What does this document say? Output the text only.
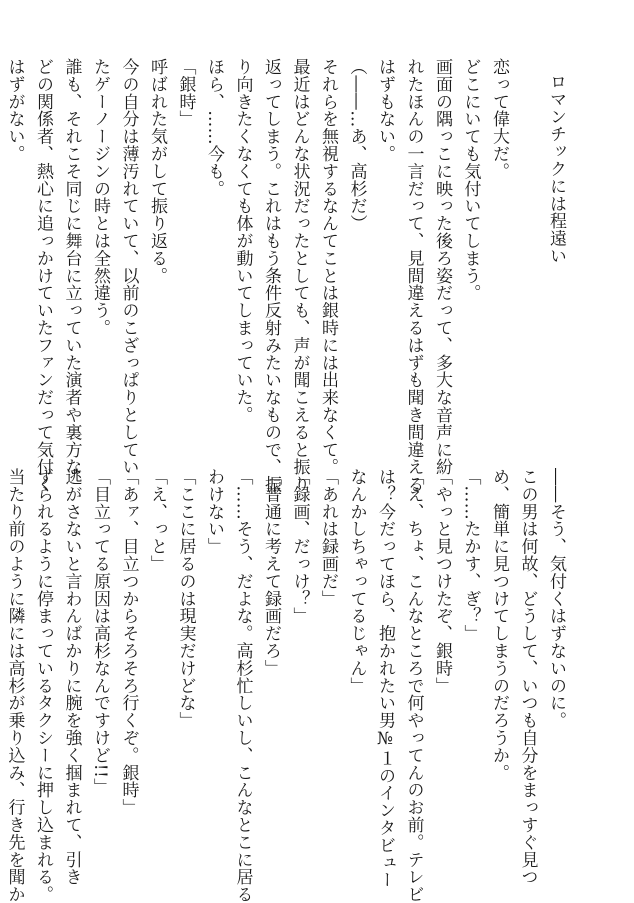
ロマンチックには程遠い

恋って偉大だ。
どこにいても気付いてしまう。
画面の隅っこに映った後ろ姿だって、多大な音声に紛
れたほんの一言だって、見間違えるはずも聞き間違える
はずもない。
（――…あ、高杉だ）
それらを無視するなんてことは銀時には出来なくて。
最近はどんな状況だったとしても、声が聞こえると振り
返ってしまう。これはもう条件反射みたいなもので、振
り向きたくなくても体が動いてしまっていた。
ほら、……今も。
「銀時」
呼ばれた気がして振り返る。
今の自分は薄汚れていて、以前のこざっぱりとしてい
たゲーノージンの時とは全然違う。
誰も、それこそ同じに舞台に立っていた演者や裏方な
どの関係者、熱心に追っかけていたファンだって気付く
はずがない。
――そう、気付くはずないのに。
この男は何故、どうして、いつも自分をまっすぐ見つ
め、簡単に見つけてしまうのだろうか。
「……たかす、ぎ？」
「やっと見つけたぞ、銀時」
「え、ちょ、こんなところで何やってんのお前。テレビ
は？今だってほら、抱かれたい男№１のインタビュー
なんかしちゃってるじゃん」
「あれは録画だ」
「録画、だっけ？」
「普通に考えて録画だろ」
「……そう、だよな。高杉忙しいし、こんなとこに居る
わけない」
「ここに居るのは現実だけどな」
「え、っと」
「あァ、目立つからそろそろ行くぞ。銀時」
「目立ってる原因は高杉なんですけど!!」
逃がさないと言わんばかりに腕を強く掴まれて、引き
ずられるように停まっているタクシーに押し込まれる。
当たり前のように隣には高杉が乗り込み、行き先を聞か
